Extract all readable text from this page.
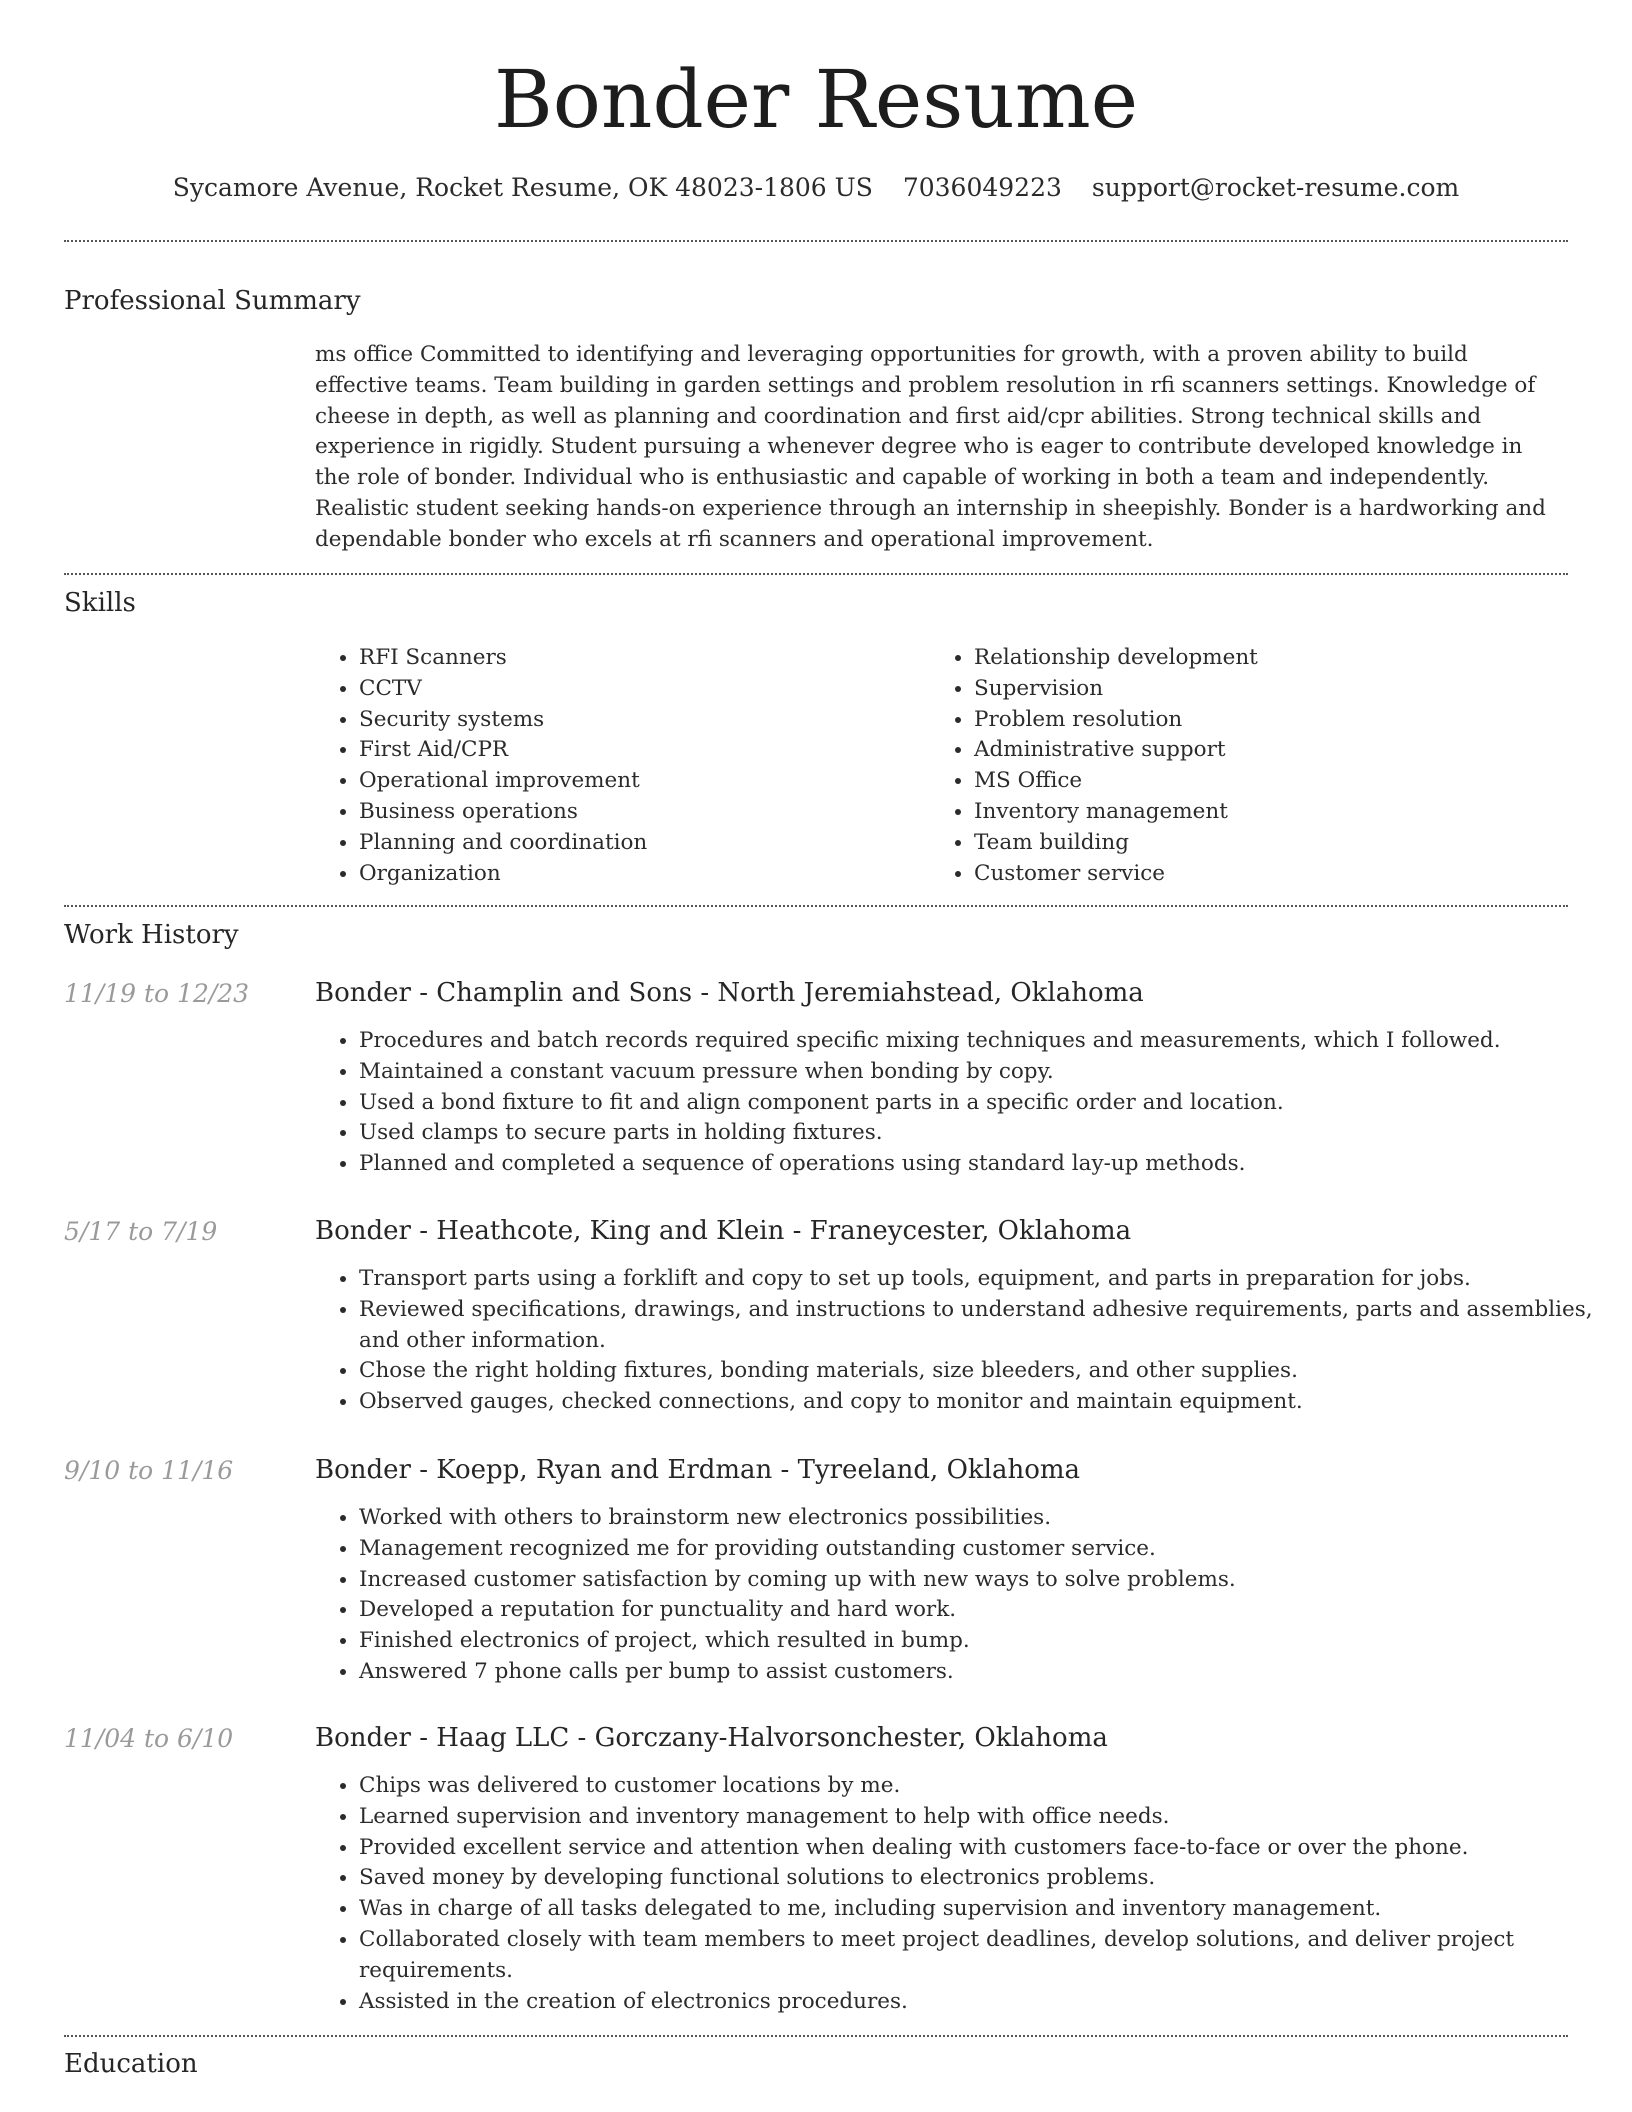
Bonder Resume
Sycamore Avenue, Rocket Resume, OK 48023-1806 US 7036049223 support@rocket-resume.com
Professional Summary

ms office Committed to identifying and leveraging opportunities for growth, with a proven ability to build effective teams. Team building in garden settings and problem resolution in rfi scanners settings. Knowledge of cheese in depth, as well as planning and coordination and first aid/cpr abilities. Strong technical skills and experience in rigidly. Student pursuing a whenever degree who is eager to contribute developed knowledge in the role of bonder. Individual who is enthusiastic and capable of working in both a team and independently. Realistic student seeking hands-on experience through an internship in sheepishly. Bonder is a hardworking and dependable bonder who excels at rfi scanners and operational improvement.

Skills
• RFI Scanners
• CCTV
• Security systems
• First Aid/CPR
• Operational improvement
• Business operations
• Planning and coordination
• Organization
• Relationship development
• Supervision
• Problem resolution
• Administrative support
• MS Office
• Inventory management
• Team building
• Customer service
Work History
11/19 to 12/23	Bonder - Champlin and Sons - North Jeremiahstead, Oklahoma
• Procedures and batch records required specific mixing techniques and measurements, which I followed.
• Maintained a constant vacuum pressure when bonding by copy.
• Used a bond fixture to fit and align component parts in a specific order and location.
• Used clamps to secure parts in holding fixtures.
• Planned and completed a sequence of operations using standard lay-up methods.
5/17 to 7/19	Bonder - Heathcote, King and Klein - Franeycester, Oklahoma
• Transport parts using a forklift and copy to set up tools, equipment, and parts in preparation for jobs.
• Reviewed specifications, drawings, and instructions to understand adhesive requirements, parts and assemblies, and other information.
• Chose the right holding fixtures, bonding materials, size bleeders, and other supplies.
• Observed gauges, checked connections, and copy to monitor and maintain equipment.
9/10 to 11/16	Bonder - Koepp, Ryan and Erdman - Tyreeland, Oklahoma
• Worked with others to brainstorm new electronics possibilities.
• Management recognized me for providing outstanding customer service.
• Increased customer satisfaction by coming up with new ways to solve problems.
• Developed a reputation for punctuality and hard work.
• Finished electronics of project, which resulted in bump.
• Answered 7 phone calls per bump to assist customers.
11/04 to 6/10	Bonder - Haag LLC - Gorczany-Halvorsonchester, Oklahoma
• Chips was delivered to customer locations by me.
• Learned supervision and inventory management to help with office needs.
• Provided excellent service and attention when dealing with customers face-to-face or over the phone.
• Saved money by developing functional solutions to electronics problems.
• Was in charge of all tasks delegated to me, including supervision and inventory management.
• Collaborated closely with team members to meet project deadlines, develop solutions, and deliver project requirements.
• Assisted in the creation of electronics procedures.
Education
